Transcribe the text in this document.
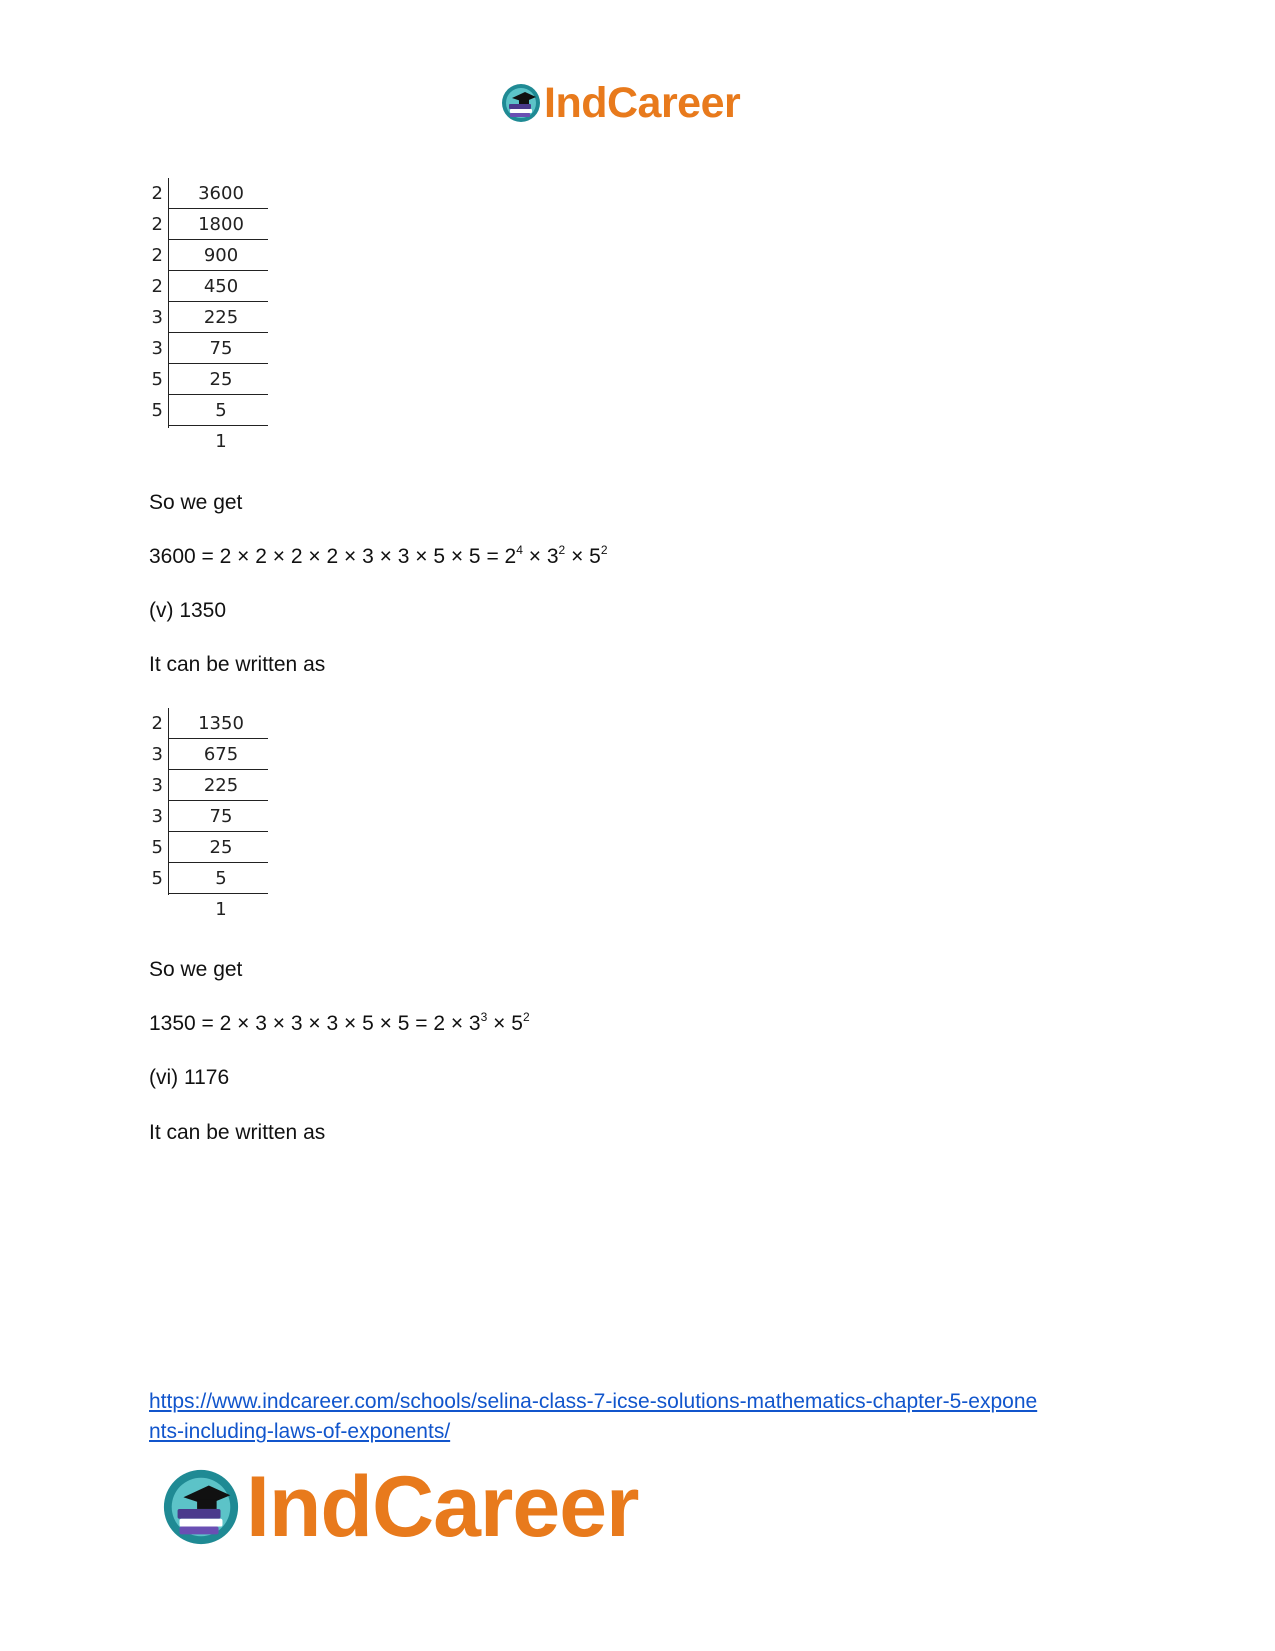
IndCareer
2	3600
2	1800
2	900
2	450
3	225
3	75
5	25
5	5
1
So we get
$3600 = 2 \times 2 \times 2 \times 2 \times 3 \times 3 \times 5 \times 5 = 2^4 \times 3^2 \times 5^2$
(v) 1350
It can be written as
2	1350
3	675
3	225
3	75
5	25
5	5
1
So we get
$1350 = 2 \times 3 \times 3 \times 3 \times 5 \times 5 = 2 \times 3^3 \times 5^2$
(vi) 1176
It can be written as
https://www.indcareer.com/schools/selina-class-7-icse-solutions-mathematics-chapter-5-expone
nts-including-laws-of-exponents/
IndCareer
